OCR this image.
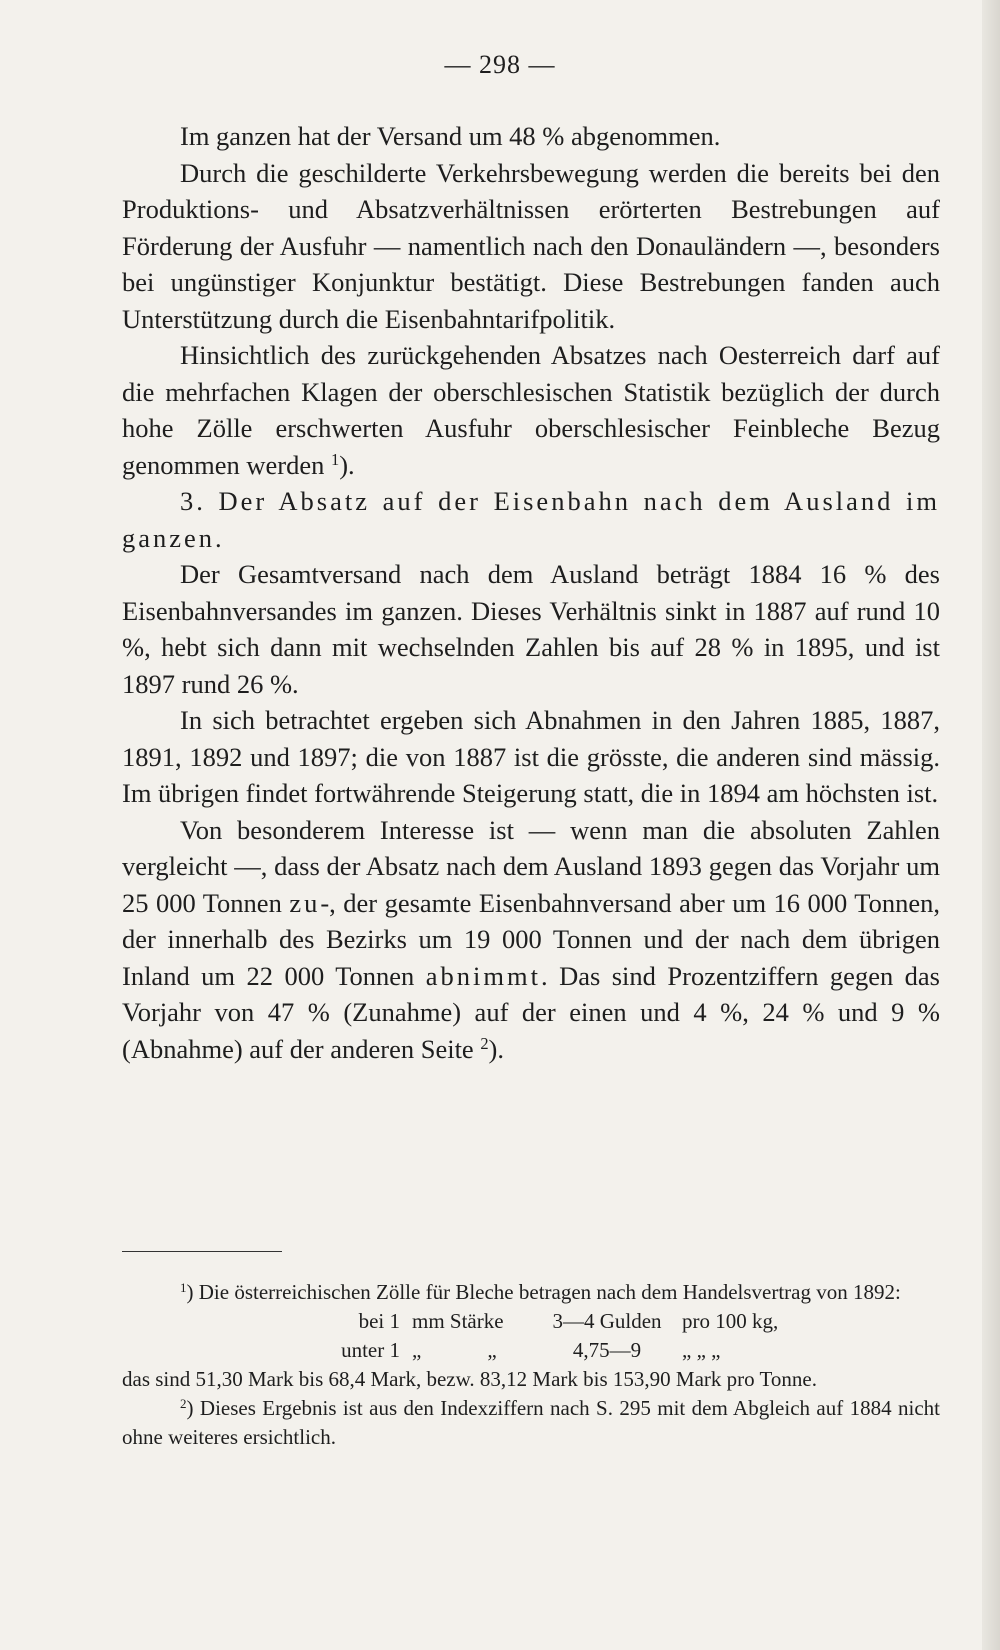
— 298 —

Im ganzen hat der Versand um 48 % abgenommen.

Durch die geschilderte Verkehrsbewegung werden die bereits bei den Produktions- und Absatzverhältnissen erörterten Bestrebungen auf Förderung der Ausfuhr — namentlich nach den Donauländern —, besonders bei ungünstiger Konjunktur bestätigt. Diese Bestrebungen fanden auch Unterstützung durch die Eisenbahntarifpolitik.

Hinsichtlich des zurückgehenden Absatzes nach Oesterreich darf auf die mehrfachen Klagen der oberschlesischen Statistik bezüglich der durch hohe Zölle erschwerten Ausfuhr oberschlesischer Feinbleche Bezug genommen werden $^1$).

3. Der Absatz auf der Eisenbahn nach dem Ausland im ganzen.

Der Gesamtversand nach dem Ausland beträgt 1884 16 % des Eisenbahnversandes im ganzen. Dieses Verhältnis sinkt in 1887 auf rund 10 %, hebt sich dann mit wechselnden Zahlen bis auf 28 % in 1895, und ist 1897 rund 26 %.

In sich betrachtet ergeben sich Abnahmen in den Jahren 1885, 1887, 1891, 1892 und 1897; die von 1887 ist die grösste, die anderen sind mässig. Im übrigen findet fortwährende Steigerung statt, die in 1894 am höchsten ist.

Von besonderem Interesse ist — wenn man die absoluten Zahlen vergleicht —, dass der Absatz nach dem Ausland 1893 gegen das Vorjahr um 25 000 Tonnen zu-, der gesamte Eisenbahnversand aber um 16 000 Tonnen, der innerhalb des Bezirks um 19 000 Tonnen und der nach dem übrigen Inland um 22 000 Tonnen abnimmt. Das sind Prozentziffern gegen das Vorjahr von 47 % (Zunahme) auf der einen und 4 %, 24 % und 9 % (Abnahme) auf der anderen Seite $^2$).

$^1$) Die österreichischen Zölle für Bleche betragen nach dem Handelsvertrag von 1892:

bei 1 mm Stärke	3—4 Gulden pro 100 kg,
unter 1 „	„	4,75—9	„ „ „

das sind 51,30 Mark bis 68,4 Mark, bezw. 83,12 Mark bis 153,90 Mark pro Tonne.

$^2$) Dieses Ergebnis ist aus den Indexziffern nach S. 295 mit dem Abgleich auf 1884 nicht ohne weiteres ersichtlich.
